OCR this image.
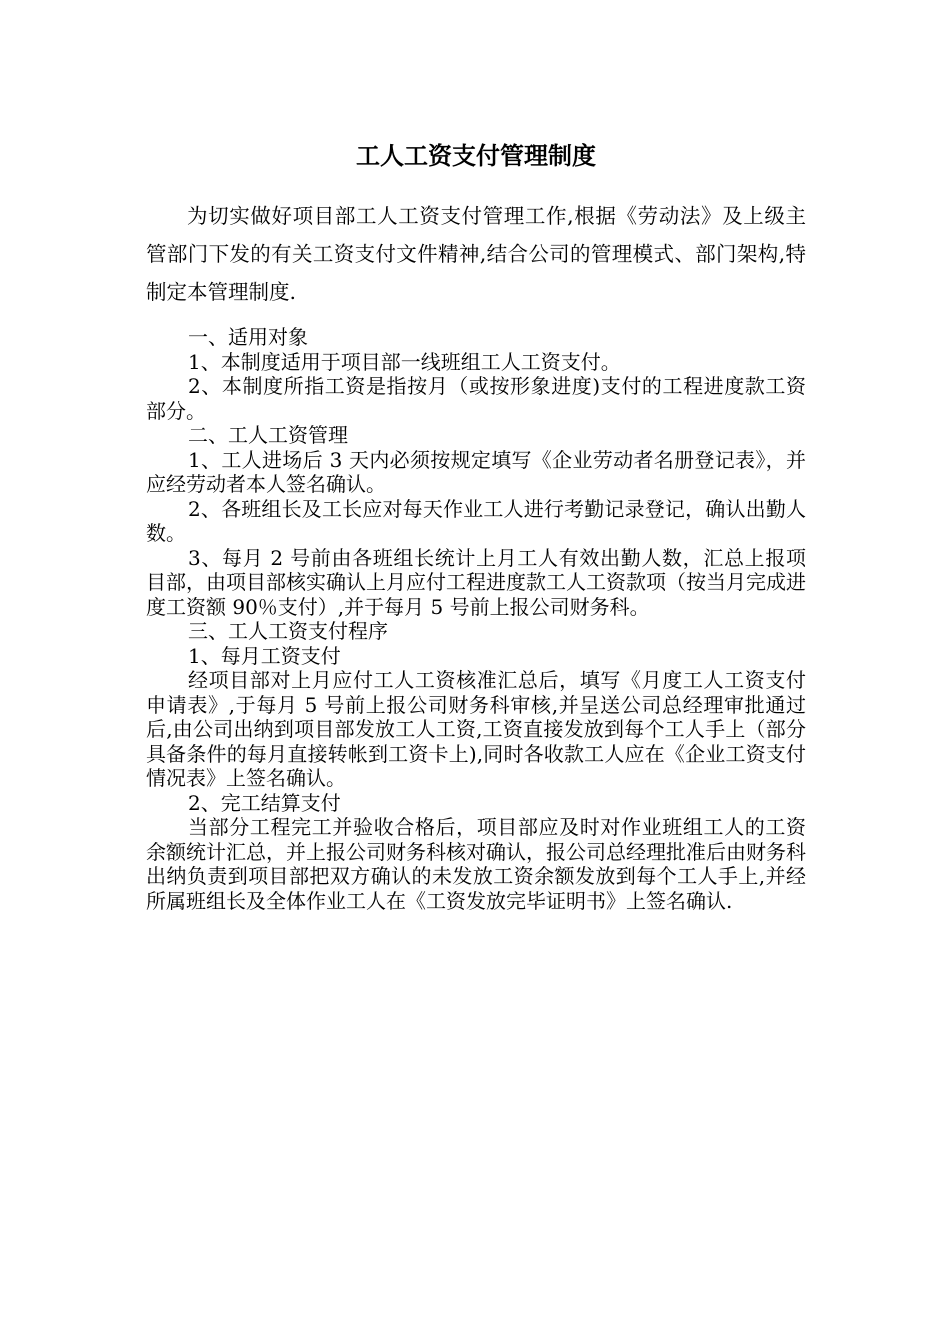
工人工资支付管理制度

为切实做好项目部工人工资支付管理工作,根据《劳动法》及上级主管部门下发的有关工资支付文件精神,结合公司的管理模式、部门架构,特制定本管理制度.

一、适用对象

1、本制度适用于项目部一线班组工人工资支付。

2、本制度所指工资是指按月（或按形象进度)支付的工程进度款工资部分。

二、工人工资管理

1、工人进场后 3 天内必须按规定填写《企业劳动者名册登记表》，并应经劳动者本人签名确认。

2、各班组长及工长应对每天作业工人进行考勤记录登记，确认出勤人数。

3、每月 2 号前由各班组长统计上月工人有效出勤人数，汇总上报项目部，由项目部核实确认上月应付工程进度款工人工资款项（按当月完成进度工资额 90％支付）,并于每月 5 号前上报公司财务科。

三、工人工资支付程序

1、每月工资支付

经项目部对上月应付工人工资核准汇总后，填写《月度工人工资支付申请表》,于每月 5 号前上报公司财务科审核,并呈送公司总经理审批通过后,由公司出纳到项目部发放工人工资,工资直接发放到每个工人手上（部分具备条件的每月直接转帐到工资卡上),同时各收款工人应在《企业工资支付情况表》上签名确认。

2、完工结算支付

当部分工程完工并验收合格后，项目部应及时对作业班组工人的工资余额统计汇总，并上报公司财务科核对确认，报公司总经理批准后由财务科出纳负责到项目部把双方确认的未发放工资余额发放到每个工人手上,并经所属班组长及全体作业工人在《工资发放完毕证明书》上签名确认.
